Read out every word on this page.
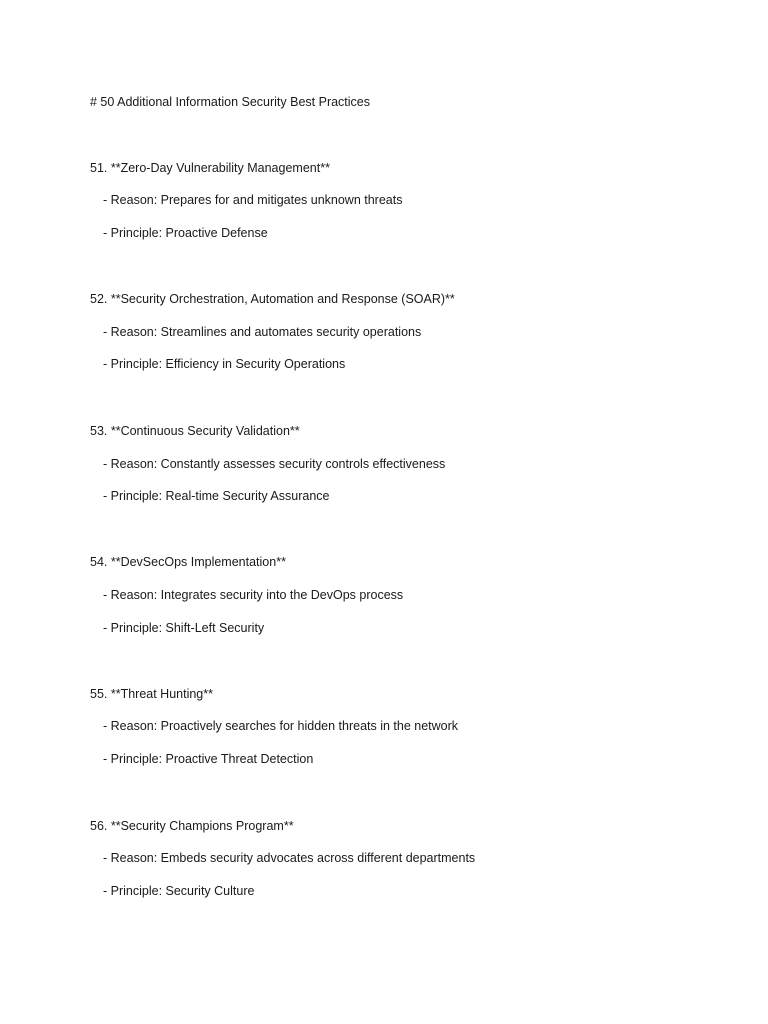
# 50 Additional Information Security Best Practices
51. **Zero-Day Vulnerability Management**
- Reason: Prepares for and mitigates unknown threats
- Principle: Proactive Defense
52. **Security Orchestration, Automation and Response (SOAR)**
- Reason: Streamlines and automates security operations
- Principle: Efficiency in Security Operations
53. **Continuous Security Validation**
- Reason: Constantly assesses security controls effectiveness
- Principle: Real-time Security Assurance
54. **DevSecOps Implementation**
- Reason: Integrates security into the DevOps process
- Principle: Shift-Left Security
55. **Threat Hunting**
- Reason: Proactively searches for hidden threats in the network
- Principle: Proactive Threat Detection
56. **Security Champions Program**
- Reason: Embeds security advocates across different departments
- Principle: Security Culture
